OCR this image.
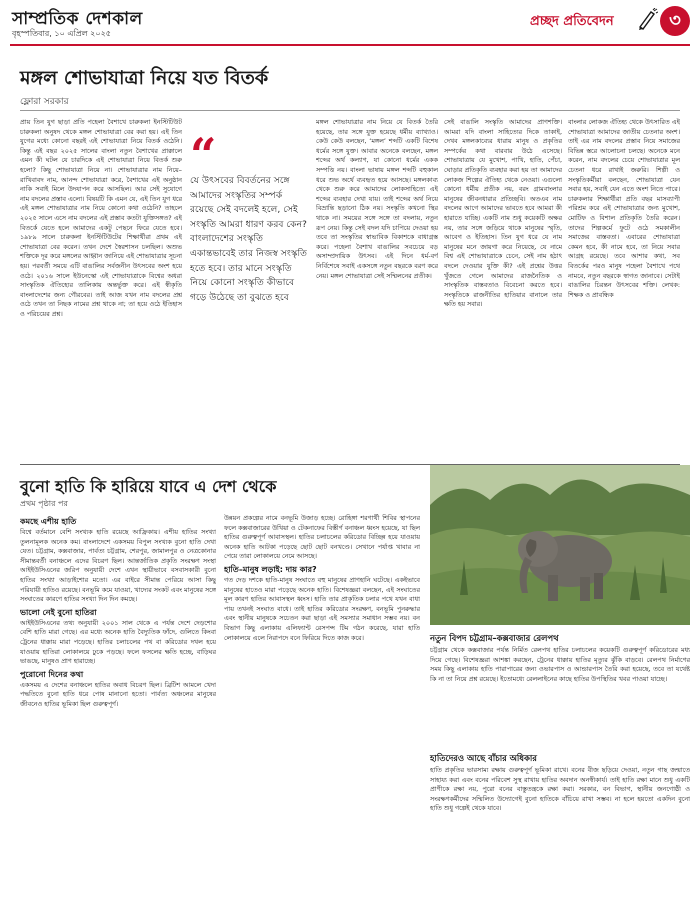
সাম্প্রতিক দেশকাল
বৃহস্পতিবার, ১০ এপ্রিল ২০২৫
প্রচ্ছদ প্রতিবেদন	৩
মঙ্গল শোভাযাত্রা নিয়ে যত বিতর্ক
ফ্লোরা সরকার
প্রায় তিন যুগ ছাড়া প্রতি পহেলা বৈশাখে চারুকলা ইনস্টিটিউট চারুকলা অনুষদ থেকে মঙ্গল শোভাযাত্রা বের করা হয়। এই তিন যুগের মধ্যে কোনো বছরই এই শোভাযাত্রা নিয়ে বিতর্ক ওঠেনি। কিন্তু এই বছর ২০২৫ সালের বাংলা নতুন বৈশাখের প্রাক্কালে এমন কী ঘটল যে চারদিকে এই শোভাযাত্রা নিয়ে বিতর্ক শুরু হলো? কিছু শোভাযাত্রা নিয়ে না। শোভাযাত্রার নাম নিয়ে–রাখিবাবদ নাম, আনন্দ শোভাযাত্রা করে, বৈশাখের এই অনুষ্ঠান নাকি সবাই মিলে উদযাপন করে আসছিল। আর সেই সুযোগে নাম বদলের প্রস্তাব এলো। বিষয়টি কি এমন যে, এই তিন যুগ ধরে এই মঙ্গল শোভাযাত্রার নাম নিয়ে কোনো কথা ওঠেনি? তাহলে ২০২৫ সালে এসে নাম বদলের এই প্রস্তাব কতটা যুক্তিসঙ্গত? এই বিতর্কে যেতে হলে আমাদের একটু পেছনে ফিরে যেতে হবে। ১৯৮৯ সালে চারুকলা ইনস্টিটিউটের শিক্ষার্থীরা প্রথম এই শোভাযাত্রা বের করেন। তখন দেশে স্বৈরশাসন চলছিল। অশুভ শক্তিকে দূর করে মঙ্গলের আহ্বান জানিয়ে এই শোভাযাত্রার সূচনা হয়। পরবর্তী সময়ে এটি বাঙালির সর্বজনীন উৎসবের অংশ হয়ে ওঠে। ২০১৬ সালে ইউনেস্কো এই শোভাযাত্রাকে বিশ্বের অধরা সাংস্কৃতিক ঐতিহ্যের তালিকায় অন্তর্ভুক্ত করে। এই স্বীকৃতি বাংলাদেশের জন্য গৌরবের। তাই আজ যখন নাম বদলের প্রশ্ন ওঠে তখন তা নিছক নামের প্রশ্ন থাকে না; তা হয়ে ওঠে ইতিহাস ও পরিচয়ের প্রশ্ন।
“
যে উৎসবের বিবর্তনের সঙ্গে আমাদের সংস্কৃতির সম্পর্ক রয়েছে সেই বদলেই হলে, সেই সংস্কৃতি আমরা ধারণ করব কেন? বাংলাদেশের সংস্কৃতি একান্তভাবেই তার নিজস্ব সংস্কৃতি হতে হবে। তার মানে সংস্কৃতি নিয়ে কোনো সংস্কৃতি কীভাবে গড়ে উঠেছে তা বুঝতে হবে
মঙ্গল শোভাযাত্রার নাম নিয়ে যে বিতর্ক তৈরি হয়েছে, তার সঙ্গে যুক্ত হয়েছে ধর্মীয় ব্যাখ্যাও। কেউ কেউ বলছেন, ‘মঙ্গল’ শব্দটি একটি বিশেষ ধর্মের সঙ্গে যুক্ত। আবার অনেকে বলছেন, মঙ্গল শব্দের অর্থ কল্যাণ, যা কোনো ধর্মের একক সম্পত্তি নয়। বাংলা ভাষায় মঙ্গল শব্দটি বহুকাল ধরে শুভ অর্থে ব্যবহৃত হয়ে আসছে। মঙ্গলকাব্য থেকে শুরু করে আমাদের লোকসাহিত্যে এই শব্দের ব্যবহার দেখা যায়। তাই শব্দের অর্থ নিয়ে বিভ্রান্তি ছড়ানো ঠিক নয়। সংস্কৃতি কখনো স্থির থাকে না। সময়ের সঙ্গে সঙ্গে তা বদলায়, নতুন রূপ নেয়। কিন্তু সেই বদল যদি চাপিয়ে দেওয়া হয় তবে তা সংস্কৃতির স্বাভাবিক বিকাশকে বাধাগ্রস্ত করে। পহেলা বৈশাখ বাঙালির সবচেয়ে বড় অসাম্প্রদায়িক উৎসব। এই দিনে ধর্ম-বর্ণ নির্বিশেষে সবাই একসঙ্গে নতুন বছরকে বরণ করে নেয়। মঙ্গল শোভাযাত্রা সেই সম্মিলনের প্রতীক।
সেই বাঙালি সংস্কৃতি আমাদের প্রাণশক্তি। আমরা যদি বাংলা সাহিত্যের দিকে তাকাই, দেখব মঙ্গলকাব্যের ধারায় মানুষ ও প্রকৃতির সম্পর্কের কথা বারবার উঠে এসেছে। শোভাযাত্রায় যে মুখোশ, পাখি, হাতি, পেঁচা, ঘোড়ার প্রতিকৃতি ব্যবহার করা হয় তা আমাদের লোকজ শিল্পের ঐতিহ্য থেকে নেওয়া। এগুলো কোনো ধর্মীয় প্রতীক নয়, বরং গ্রামবাংলার মানুষের জীবনধারার প্রতিচ্ছবি। অতএব নাম বদলের আগে আমাদের ভাবতে হবে আমরা কী হারাতে যাচ্ছি। একটি নাম শুধু কয়েকটি অক্ষর নয়, তার সঙ্গে জড়িয়ে থাকে মানুষের স্মৃতি, আবেগ ও ইতিহাস। তিন যুগ ধরে যে নাম মানুষের মনে জায়গা করে নিয়েছে, যে নামে বিশ্ব এই শোভাযাত্রাকে চেনে, সেই নাম হঠাৎ বদলে দেওয়ার যুক্তি কী? এই প্রশ্নের উত্তর খুঁজতে গেলে আমাদের রাজনৈতিক ও সাংস্কৃতিক বাস্তবতাও বিবেচনা করতে হবে। সংস্কৃতিকে রাজনীতির হাতিয়ার বানালে তার ক্ষতি হয় সবার।
বাংলার লোকজ ঐতিহ্য থেকে উৎসারিত এই শোভাযাত্রা আমাদের জাতীয় চেতনার অংশ। তাই এর নাম বদলের প্রস্তাব নিয়ে সমাজের বিভিন্ন স্তরে আলোচনা চলছে। অনেকে মনে করেন, নাম বদলের চেয়ে শোভাযাত্রার মূল চেতনা ধরে রাখাই জরুরি। শিল্পী ও সংস্কৃতিকর্মীরা বলছেন, শোভাযাত্রা যেন সবার হয়, সবাই যেন এতে অংশ নিতে পারে। চারুকলার শিক্ষার্থীরা প্রতি বছর মাসব্যাপী পরিশ্রম করে এই শোভাযাত্রার জন্য মুখোশ, মোটিফ ও বিশাল প্রতিকৃতি তৈরি করেন। তাদের শিল্পকর্মে ফুটে ওঠে সমকালীন সমাজের বাস্তবতা। এবারের শোভাযাত্রা কেমন হবে, কী নামে হবে, তা নিয়ে সবার আগ্রহ রয়েছে। তবে আশার কথা, সব বিতর্কের পরও মানুষ পহেলা বৈশাখে পথে নামবে, নতুন বছরকে স্বাগত জানাবে। সেটাই বাঙালির চিরন্তন উৎসবের শক্তি। লেখক: শিক্ষক ও প্রাবন্ধিক
বুনো হাতি কি হারিয়ে যাবে এ দেশ থেকে
প্রথম পৃষ্ঠার পর
কমছে এশীয় হাতি
বিশ্বে বর্তমানে বেশি সংখ্যক হাতি রয়েছে আফ্রিকায়। এশীয় হাতির সংখ্যা তুলনামূলক অনেক কম। বাংলাদেশে একসময় বিপুল সংখ্যক বুনো হাতি দেখা যেত। চট্টগ্রাম, কক্সবাজার, পার্বত্য চট্টগ্রাম, শেরপুর, জামালপুর ও নেত্রকোনার সীমান্তবর্তী বনাঞ্চলে এদের বিচরণ ছিল। আন্তর্জাতিক প্রকৃতি সংরক্ষণ সংস্থা আইইউসিএনের জরিপ অনুযায়ী দেশে এখন স্থায়ীভাবে বসবাসকারী বুনো হাতির সংখ্যা আড়াইশোর মতো। এর বাইরে সীমান্ত পেরিয়ে আসা কিছু পরিযায়ী হাতিও রয়েছে। বনভূমি কমে যাওয়া, খাদ্যের সংকট এবং মানুষের সঙ্গে সংঘাতের কারণে হাতির সংখ্যা দিন দিন কমছে।
ভালো নেই বুনো হাতিরা
আইইউসিএনের তথ্য অনুযায়ী ২০০১ সাল থেকে এ পর্যন্ত দেশে দেড়শোর বেশি হাতি মারা গেছে। এর মধ্যে অনেক হাতি বৈদ্যুতিক ফাঁদে, গুলিতে কিংবা ট্রেনের ধাক্কায় মারা পড়েছে। হাতির চলাচলের পথ বা করিডোর দখল হয়ে যাওয়ায় হাতিরা লোকালয়ে ঢুকে পড়ছে। ফলে ফসলের ক্ষতি হচ্ছে, বাড়িঘর ভাঙছে, মানুষও প্রাণ হারাচ্ছে।
পুরোনো দিনের কথা
একসময় এ দেশের বনাঞ্চলে হাতির অবাধ বিচরণ ছিল। ব্রিটিশ আমলে খেদা পদ্ধতিতে বুনো হাতি ধরে পোষ মানানো হতো। পার্বত্য অঞ্চলের মানুষের জীবনেও হাতির ভূমিকা ছিল গুরুত্বপূর্ণ।
উন্নয়ন প্রকল্পের নামে বনভূমি উজাড় হচ্ছে। রোহিঙ্গা শরণার্থী শিবির স্থাপনের ফলে কক্সবাজারের উখিয়া ও টেকনাফের বিস্তীর্ণ বনাঞ্চল ধ্বংস হয়েছে, যা ছিল হাতির গুরুত্বপূর্ণ আবাসস্থল। হাতির চলাচলের করিডোর বিচ্ছিন্ন হয়ে যাওয়ায় অনেক হাতি আটকা পড়েছে ছোট ছোট বনখণ্ডে। সেখানে পর্যাপ্ত খাবার না পেয়ে তারা লোকালয়ে নেমে আসছে।
হাতি–মানুষ লড়াই: দায় কার?
গত দেড় দশকে হাতি-মানুষ সংঘাতে বহু মানুষের প্রাণহানি ঘটেছে। একইভাবে মানুষের হাতেও মারা পড়েছে অনেক হাতি। বিশেষজ্ঞরা বলছেন, এই সংঘাতের মূল কারণ হাতির আবাসস্থল ধ্বংস। হাতি তার প্রাকৃতিক চলার পথে যখন বাধা পায় তখনই সংঘাত বাধে। তাই হাতির করিডোর সংরক্ষণ, বনভূমি পুনরুদ্ধার এবং স্থানীয় মানুষকে সচেতন করা ছাড়া এই সমস্যার সমাধান সম্ভব নয়। বন বিভাগ কিছু এলাকায় এলিফ্যান্ট রেসপন্স টিম গঠন করেছে, যারা হাতি লোকালয়ে এলে নিরাপদে বনে ফিরিয়ে দিতে কাজ করে।	নতুন বিপদ চট্টগ্রাম–কক্সবাজার রেলপথ
চট্টগ্রাম থেকে কক্সবাজার পর্যন্ত নির্মিত রেলপথ হাতির চলাচলের কয়েকটি গুরুত্বপূর্ণ করিডোরের মধ্য দিয়ে গেছে। বিশেষজ্ঞরা আশঙ্কা করছেন, ট্রেনের ধাক্কায় হাতির মৃত্যুর ঝুঁকি বাড়বে। রেলপথ নির্মাণের সময় কিছু এলাকায় হাতি পারাপারের জন্য ওভারপাস ও আন্ডারপাস তৈরি করা হয়েছে, তবে তা যথেষ্ট কি না তা নিয়ে প্রশ্ন রয়েছে। ইতোমধ্যে রেললাইনের কাছে হাতির উপস্থিতির খবর পাওয়া যাচ্ছে।
হাতিদেরও আছে বাঁচার অধিকার
হাতি প্রকৃতির ভারসাম্য রক্ষায় গুরুত্বপূর্ণ ভূমিকা রাখে। বনের বীজ ছড়িয়ে দেওয়া, নতুন গাছ জন্মাতে সাহায্য করা এবং বনের পরিবেশ সুস্থ রাখায় হাতির অবদান অনস্বীকার্য। তাই হাতি রক্ষা মানে শুধু একটি প্রাণীকে রক্ষা নয়, পুরো বনের বাস্তুতন্ত্রকে রক্ষা করা। সরকার, বন বিভাগ, স্থানীয় জনগোষ্ঠী ও সংরক্ষণকর্মীদের সম্মিলিত উদ্যোগেই বুনো হাতিকে বাঁচিয়ে রাখা সম্ভব। না হলে হয়তো একদিন বুনো হাতি শুধু গল্পেই থেকে যাবে।
